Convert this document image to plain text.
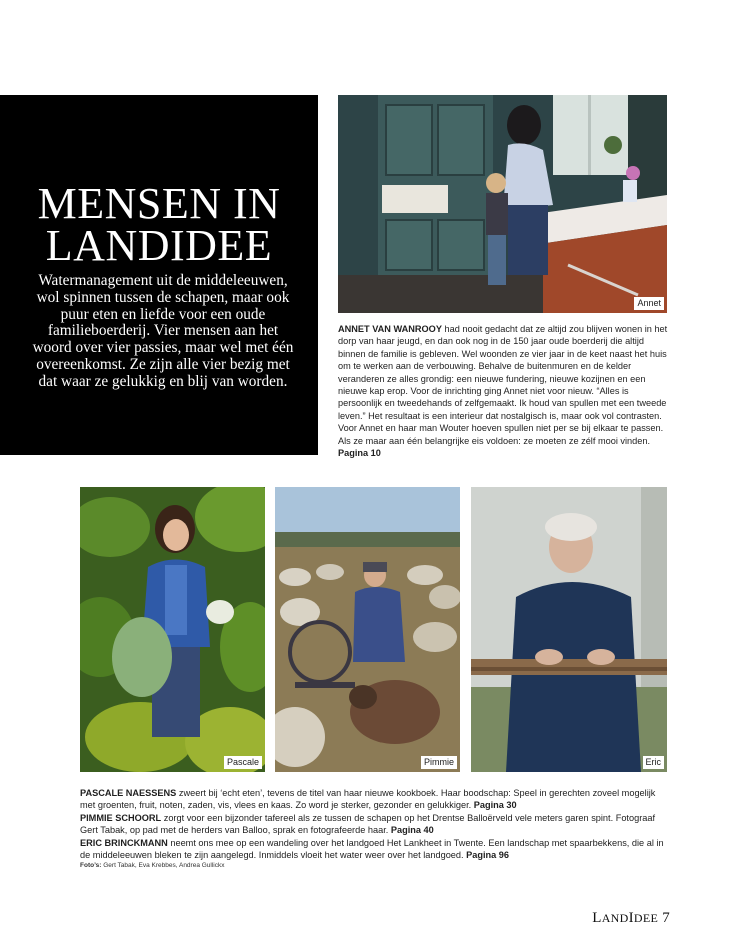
MENSEN IN
LANDIDEE

Watermanagement uit de middeleeuwen, wol spinnen tussen de schapen, maar ook puur eten en liefde voor een oude familieboerderij. Vier mensen aan het woord over vier passies, maar wel met één overeenkomst. Ze zijn alle vier bezig met dat waar ze gelukkig en blij van worden.

Annet

ANNET VAN WANROOY had nooit gedacht dat ze altijd zou blijven wonen in het dorp van haar jeugd, en dan ook nog in de 150 jaar oude boerderij die altijd binnen de familie is gebleven. Wel woonden ze vier jaar in de keet naast het huis om te werken aan de verbouwing. Behalve de buitenmuren en de kelder veranderen ze alles grondig: een nieuwe fundering, nieuwe kozijnen en een nieuwe kap erop. Voor de inrichting ging Annet niet voor nieuw. “Alles is persoonlijk en tweedehands of zelfgemaakt. Ik houd van spullen met een tweede leven.” Het resultaat is een interieur dat nostalgisch is, maar ook vol contrasten. Voor Annet en haar man Wouter hoeven spullen niet per se bij elkaar te passen. Als ze maar aan één belangrijke eis voldoen: ze moeten ze zélf mooi vinden. Pagina 10

Pascale	Pimmie	Eric

PASCALE NAESSENS zweert bij ‘echt eten’, tevens de titel van haar nieuwe kookboek. Haar boodschap: Speel in gerechten zoveel mogelijk met groenten, fruit, noten, zaden, vis, vlees en kaas. Zo word je sterker, gezonder en gelukkiger. Pagina 30

PIMMIE SCHOORL zorgt voor een bijzonder tafereel als ze tussen de schapen op het Drentse Balloërveld vele meters garen spint. Fotograaf Gert Tabak, op pad met de herders van Balloo, sprak en fotografeerde haar. Pagina 40

ERIC BRINCKMANN neemt ons mee op een wandeling over het landgoed Het Lankheet in Twente. Een landschap met spaarbekkens, die al in de middeleeuwen bleken te zijn aangelegd. Inmiddels vloeit het water weer over het landgoed. Pagina 96

Foto’s: Gert Tabak, Eva Krebbes, Andrea Gullickx

LANDIDEE 7
